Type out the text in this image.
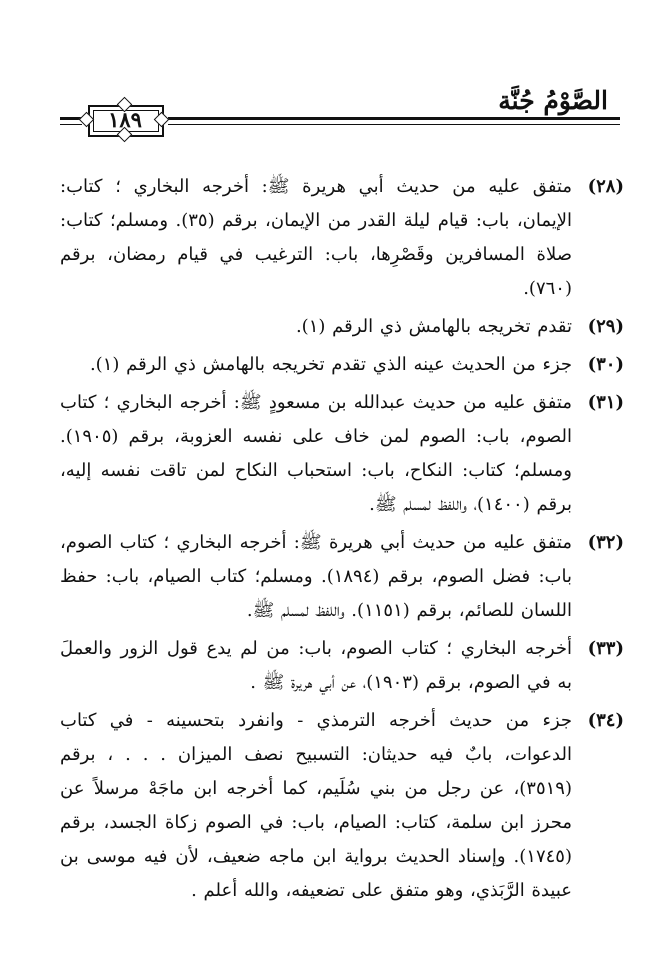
الصَّوْمُ جُنَّة
١٨٩
(٢٨)
متفق عليه من حديث أبي هريرة ﷺ: أخرجه البخاري ؛ كتاب: الإيمان، باب: قيام ليلة القدر من الإيمان، برقم (٣٥). ومسلم؛ كتاب: صلاة المسافرين وقَصْرِها، باب: الترغيب في قيام رمضان، برقم (٧٦٠).
(٢٩)
تقدم تخريجه بالهامش ذي الرقم (١).
(٣٠)
جزء من الحديث عينه الذي تقدم تخريجه بالهامش ذي الرقم (١).
(٣١)
متفق عليه من حديث عبدالله بن مسعودٍ ﷺ: أخرجه البخاري ؛ كتاب الصوم، باب: الصوم لمن خاف على نفسه العزوبة، برقم (١٩٠٥). ومسلم؛ كتاب: النكاح، باب: استحباب النكاح لمن تاقت نفسه إليه، برقم (١٤٠٠)، واللفظ لمسلم ﷺ.
(٣٢)
متفق عليه من حديث أبي هريرة ﷺ: أخرجه البخاري ؛ كتاب الصوم، باب: فضل الصوم، برقم (١٨٩٤). ومسلم؛ كتاب الصيام، باب: حفظ اللسان للصائم، برقم (١١٥١). واللفظ لمسلم ﷺ.
(٣٣)
أخرجه البخاري ؛ كتاب الصوم، باب: من لم يدع قول الزور والعملَ به في الصوم، برقم (١٩٠٣)، عن أبي هريرة ﷺ .
(٣٤)
جزء من حديث أخرجه الترمذي - وانفرد بتحسينه - في كتاب الدعوات، بابٌ فيه حديثان: التسبيح نصف الميزان . . . ، برقم (٣٥١٩)، عن رجل من بني سُلَيم، كما أخرجه ابن ماجَهْ مرسلاً عن محرز ابن سلمة، كتاب: الصيام، باب: في الصوم زكاة الجسد، برقم (١٧٤٥). وإسناد الحديث برواية ابن ماجه ضعيف، لأن فيه موسى بن عبيدة الرَّبَذي، وهو متفق على تضعيفه، والله أعلم .
